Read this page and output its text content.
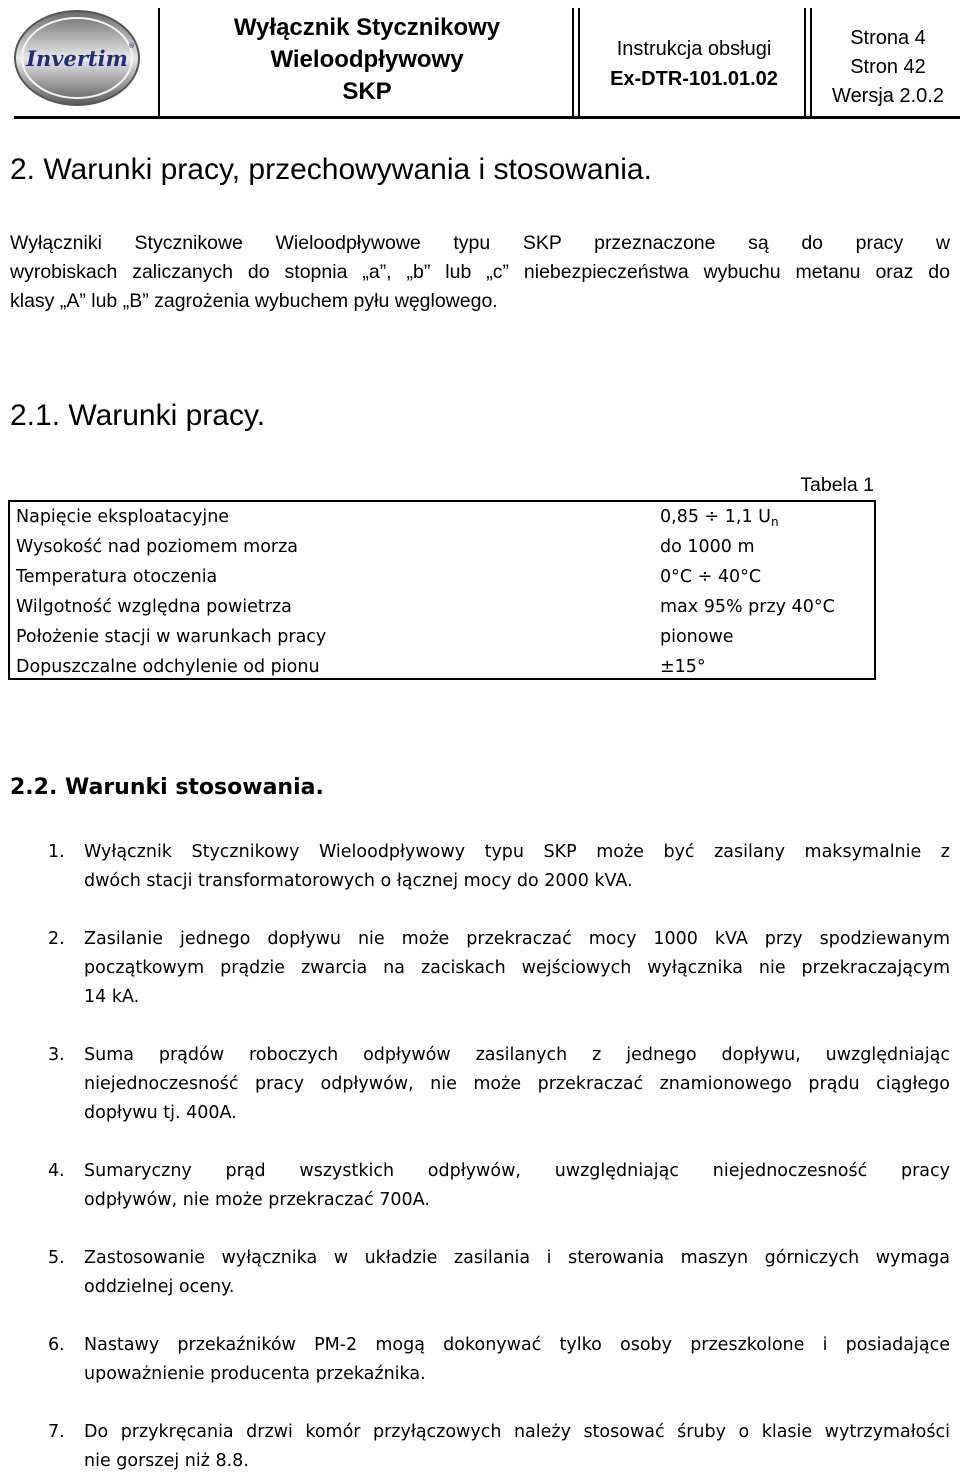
Invertim ®
Wyłącznik Stycznikowy
Wieloodpływowy
SKP
Instrukcja obsługi
Ex-DTR-101.01.02
Strona 4
Stron 42
Wersja 2.0.2
2. Warunki pracy, przechowywania i stosowania.
Wyłączniki Stycznikowe Wieloodpływowe typu SKP przeznaczone są do pracy w
wyrobiskach zaliczanych do stopnia „a”, „b” lub „c” niebezpieczeństwa wybuchu metanu oraz do
klasy „A” lub „B” zagrożenia wybuchem pyłu węglowego.
2.1. Warunki pracy.
Tabela 1
Napięcie eksploatacyjne	0,85 ÷ 1,1 $U_n$
Wysokość nad poziomem morza	do 1000 m
Temperatura otoczenia	0°C ÷ 40°C
Wilgotność względna powietrza	max 95% przy 40°C
Położenie stacji w warunkach pracy	pionowe
Dopuszczalne odchylenie od pionu	±15°
2.2. Warunki stosowania.
1. Wyłącznik Stycznikowy Wieloodpływowy typu SKP może być zasilany maksymalnie z
dwóch stacji transformatorowych o łącznej mocy do 2000 kVA.
2. Zasilanie jednego dopływu nie może przekraczać mocy 1000 kVA przy spodziewanym
początkowym prądzie zwarcia na zaciskach wejściowych wyłącznika nie przekraczającym
14 kA.
3. Suma prądów roboczych odpływów zasilanych z jednego dopływu, uwzględniając
niejednoczesność pracy odpływów, nie może przekraczać znamionowego prądu ciągłego
dopływu tj. 400A.
4. Sumaryczny prąd wszystkich odpływów, uwzględniając niejednoczesność pracy
odpływów, nie może przekraczać 700A.
5. Zastosowanie wyłącznika w układzie zasilania i sterowania maszyn górniczych wymaga
oddzielnej oceny.
6. Nastawy przekaźników PM-2 mogą dokonywać tylko osoby przeszkolone i posiadające
upoważnienie producenta przekaźnika.
7. Do przykręcania drzwi komór przyłączowych należy stosować śruby o klasie wytrzymałości
nie gorszej niż 8.8.
